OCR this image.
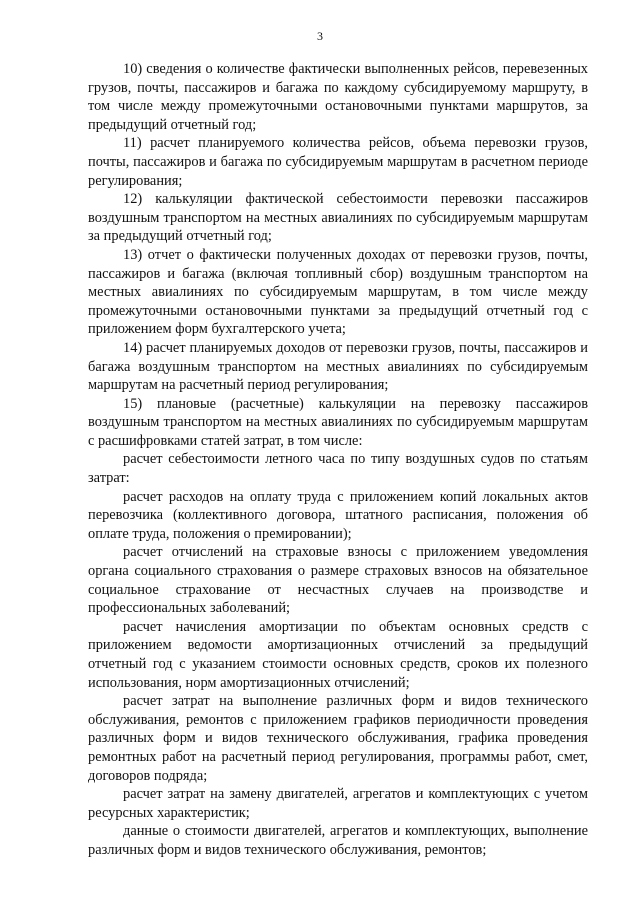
3

10) сведения о количестве фактически выполненных рейсов, перевезенных грузов, почты, пассажиров и багажа по каждому субсидируемому маршруту, в том числе между промежуточными остановочными пунктами маршрутов, за предыдущий отчетный год;

11) расчет планируемого количества рейсов, объема перевозки грузов, почты, пассажиров и багажа по субсидируемым маршрутам в расчетном периоде регулирования;

12) калькуляции фактической себестоимости перевозки пассажиров воздушным транспортом на местных авиалиниях по субсидируемым маршрутам за предыдущий отчетный год;

13) отчет о фактически полученных доходах от перевозки грузов, почты, пассажиров и багажа (включая топливный сбор) воздушным транспортом на местных авиалиниях по субсидируемым маршрутам, в том числе между промежуточными остановочными пунктами за предыдущий отчетный год с приложением форм бухгалтерского учета;

14) расчет планируемых доходов от перевозки грузов, почты, пассажиров и багажа воздушным транспортом на местных авиалиниях по субсидируемым маршрутам на расчетный период регулирования;

15) плановые (расчетные) калькуляции на перевозку пассажиров воздушным транспортом на местных авиалиниях по субсидируемым маршрутам с расшифровками статей затрат, в том числе:

расчет себестоимости летного часа по типу воздушных судов по статьям затрат:

расчет расходов на оплату труда с приложением копий локальных актов перевозчика (коллективного договора, штатного расписания, положения об оплате труда, положения о премировании);

расчет отчислений на страховые взносы с приложением уведомления органа социального страхования о размере страховых взносов на обязательное социальное страхование от несчастных случаев на производстве и профессиональных заболеваний;

расчет начисления амортизации по объектам основных средств с приложением ведомости амортизационных отчислений за предыдущий отчетный год с указанием стоимости основных средств, сроков их полезного использования, норм амортизационных отчислений;

расчет затрат на выполнение различных форм и видов технического обслуживания, ремонтов с приложением графиков периодичности проведения различных форм и видов технического обслуживания, графика проведения ремонтных работ на расчетный период регулирования, программы работ, смет, договоров подряда;

расчет затрат на замену двигателей, агрегатов и комплектующих с учетом ресурсных характеристик;

данные о стоимости двигателей, агрегатов и комплектующих, выполнение различных форм и видов технического обслуживания, ремонтов;
